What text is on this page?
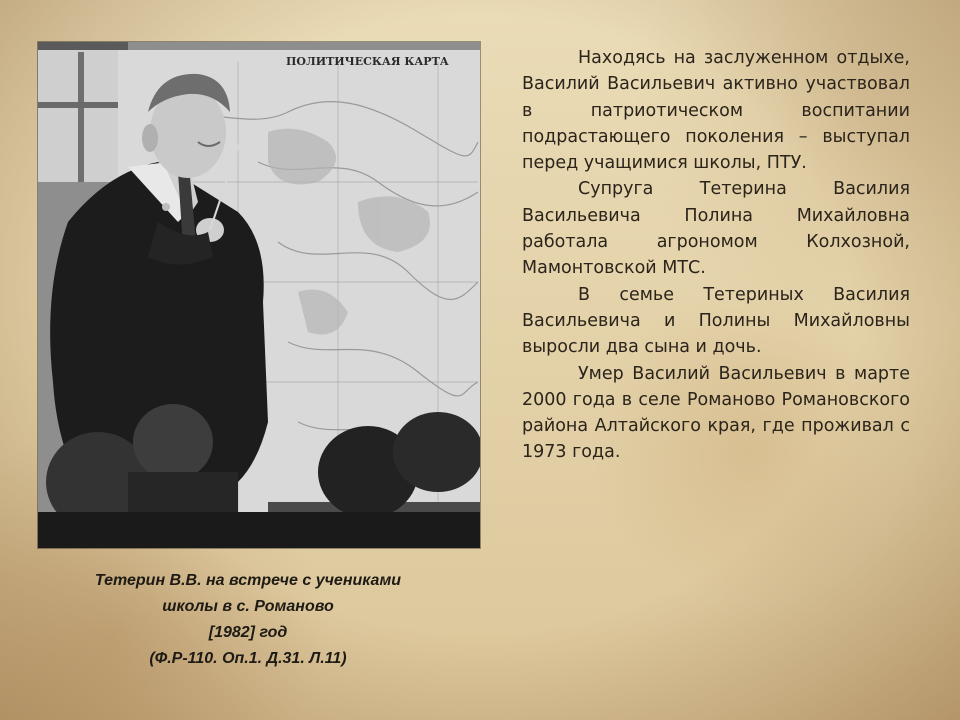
ПОЛИТИЧЕСКАЯ КАРТА
Тетерин В.В. на встрече с учениками
школы в с. Романово
[1982] год
(Ф.Р-110. Оп.1. Д.31. Л.11)

Находясь на заслуженном отдыхе, Василий Васильевич активно участвовал в патриотическом воспитании подрастающего поколения – выступал перед учащимися школы, ПТУ.

Супруга Тетерина Василия Васильевича Полина Михайловна работала агрономом Колхозной, Мамонтовской МТС.

В семье Тетериных Василия Васильевича и Полины Михайловны выросли два сына и дочь.

Умер Василий Васильевич в марте 2000 года в селе Романово Романовского района Алтайского края, где проживал с 1973 года.
